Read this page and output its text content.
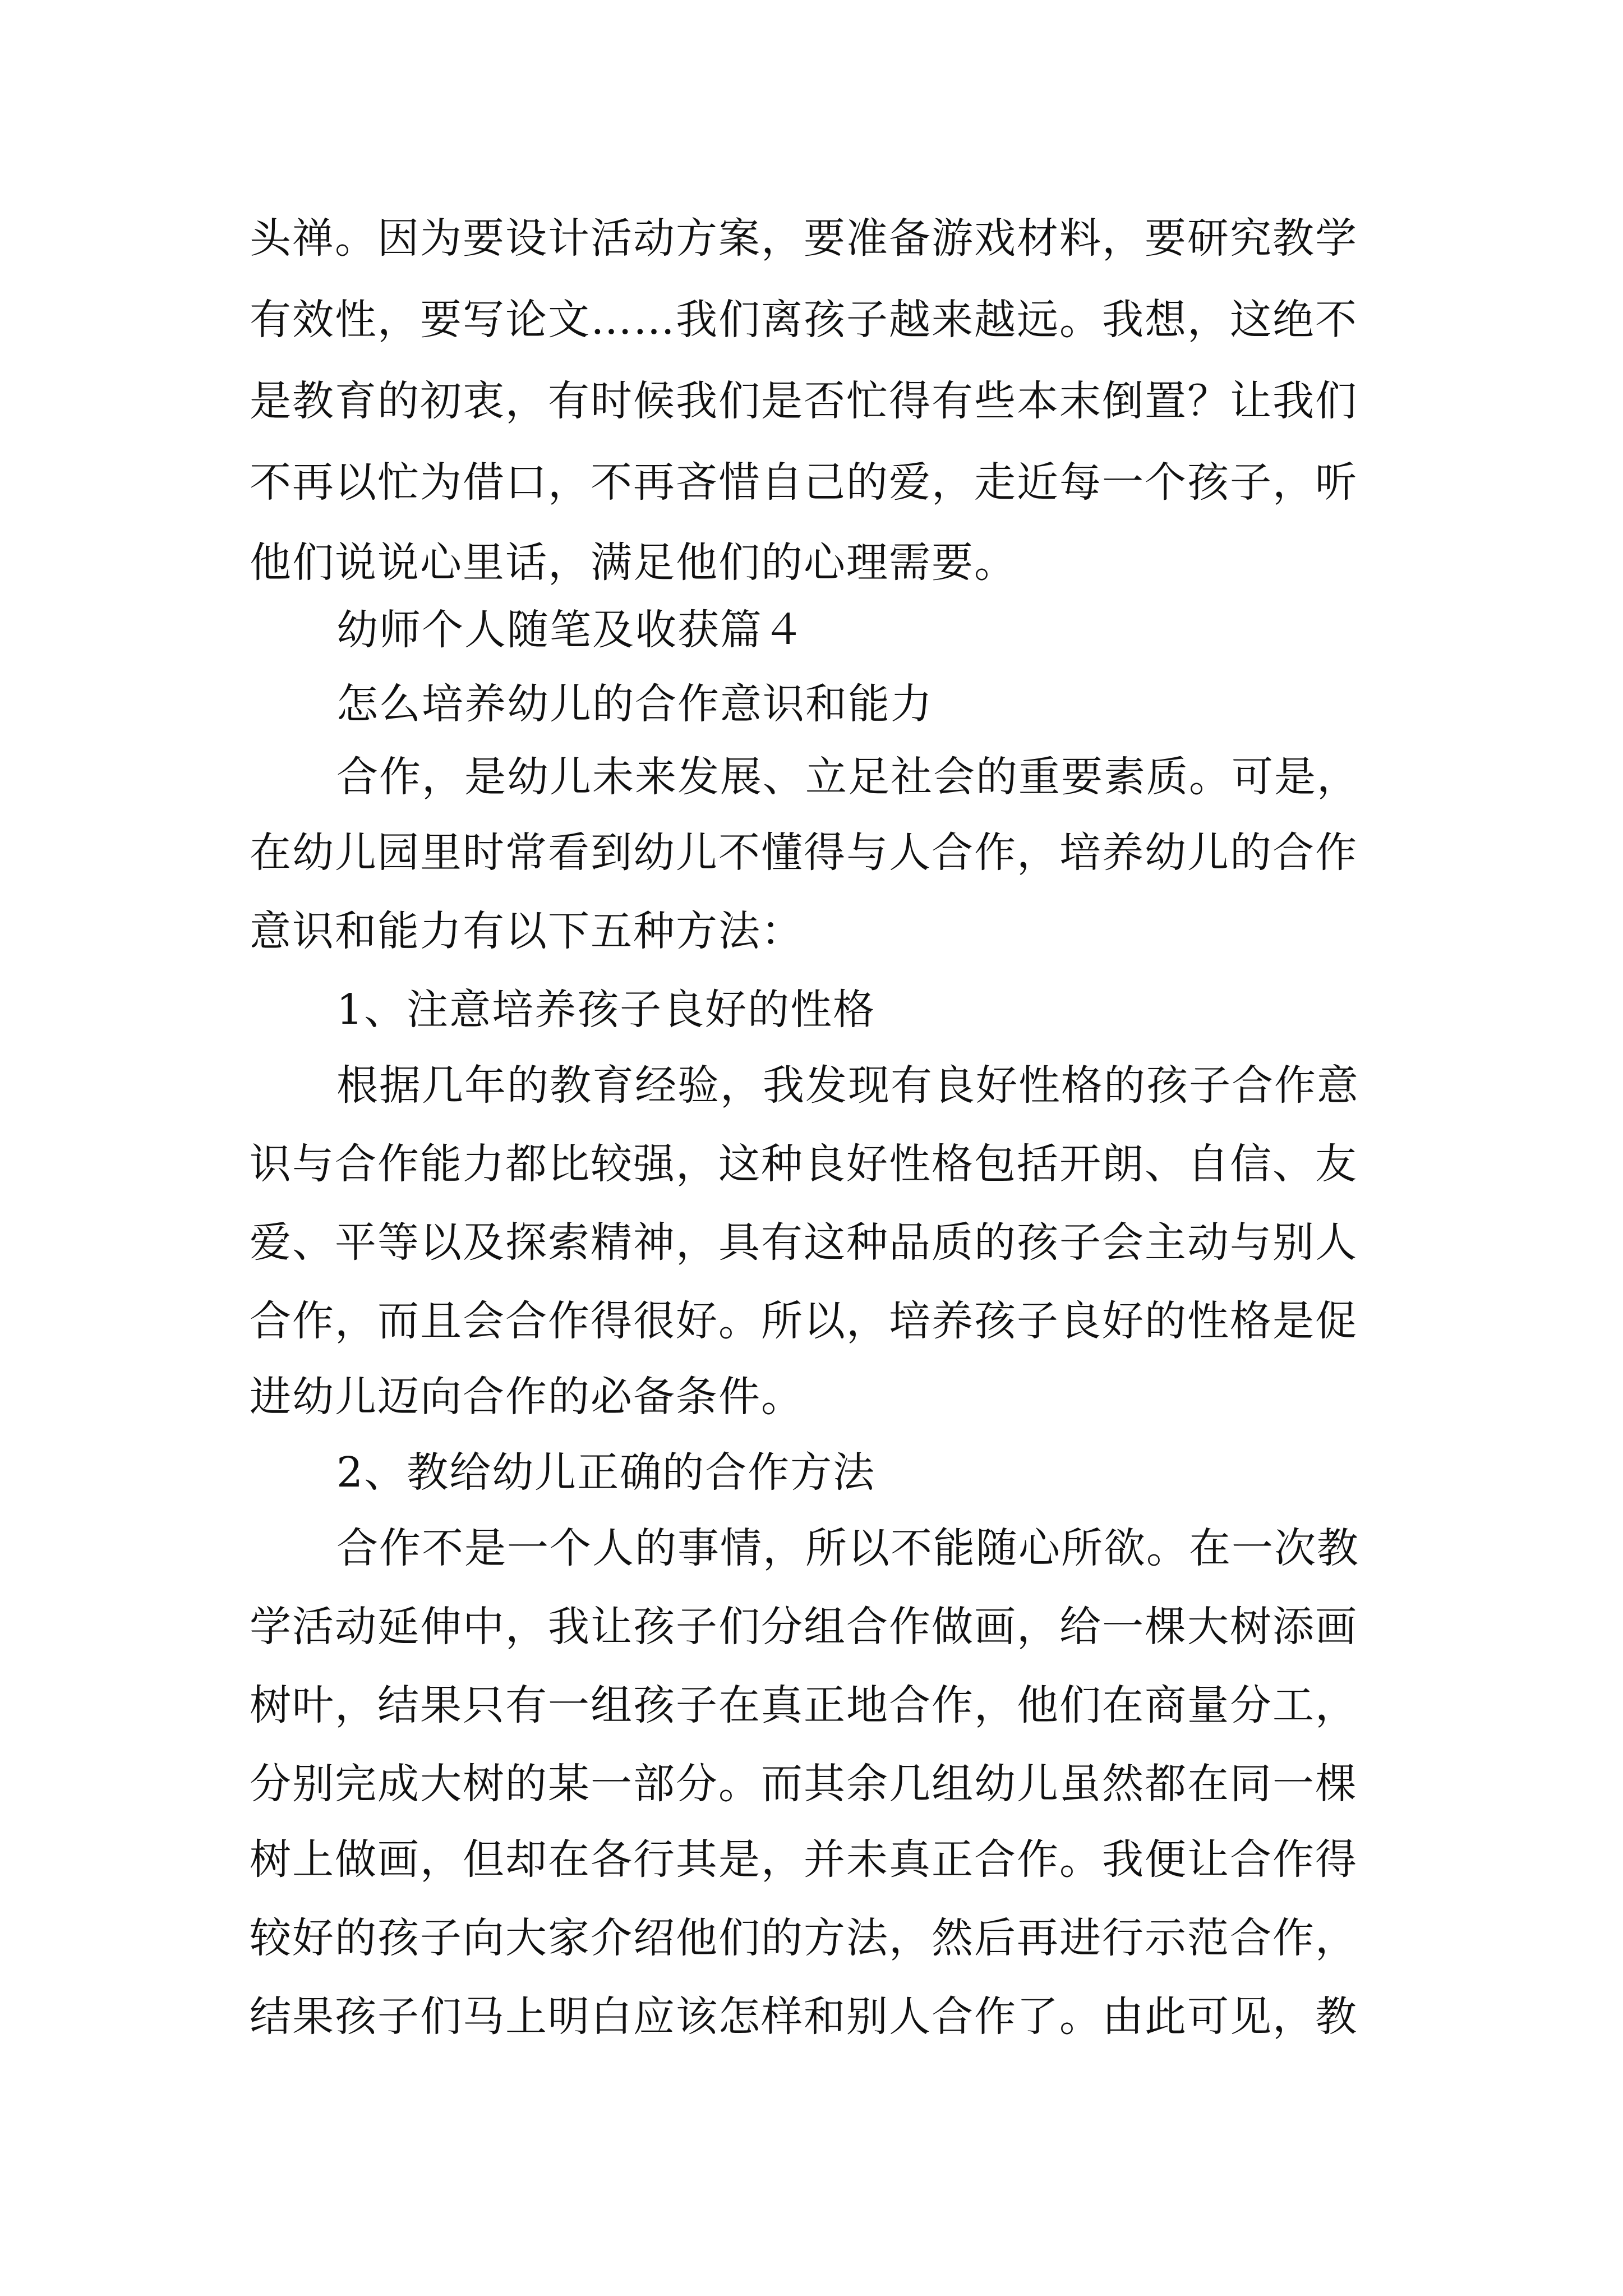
头禅。因为要设计活动方案，要准备游戏材料，要研究教学
有效性，要写论文……我们离孩子越来越远。我想，这绝不
是教育的初衷，有时候我们是否忙得有些本末倒置？让我们
不再以忙为借口，不再吝惜自己的爱，走近每一个孩子，听
他们说说心里话，满足他们的心理需要。
幼师个人随笔及收获篇４
怎么培养幼儿的合作意识和能力
合作，是幼儿未来发展、立足社会的重要素质。可是，
在幼儿园里时常看到幼儿不懂得与人合作，培养幼儿的合作
意识和能力有以下五种方法：
1、注意培养孩子良好的性格
根据几年的教育经验，我发现有良好性格的孩子合作意
识与合作能力都比较强，这种良好性格包括开朗、自信、友
爱、平等以及探索精神，具有这种品质的孩子会主动与别人
合作，而且会合作得很好。所以，培养孩子良好的性格是促
进幼儿迈向合作的必备条件。
2、教给幼儿正确的合作方法
合作不是一个人的事情，所以不能随心所欲。在一次教
学活动延伸中，我让孩子们分组合作做画，给一棵大树添画
树叶，结果只有一组孩子在真正地合作，他们在商量分工，
分别完成大树的某一部分。而其余几组幼儿虽然都在同一棵
树上做画，但却在各行其是，并未真正合作。我便让合作得
较好的孩子向大家介绍他们的方法，然后再进行示范合作，
结果孩子们马上明白应该怎样和别人合作了。由此可见，教
